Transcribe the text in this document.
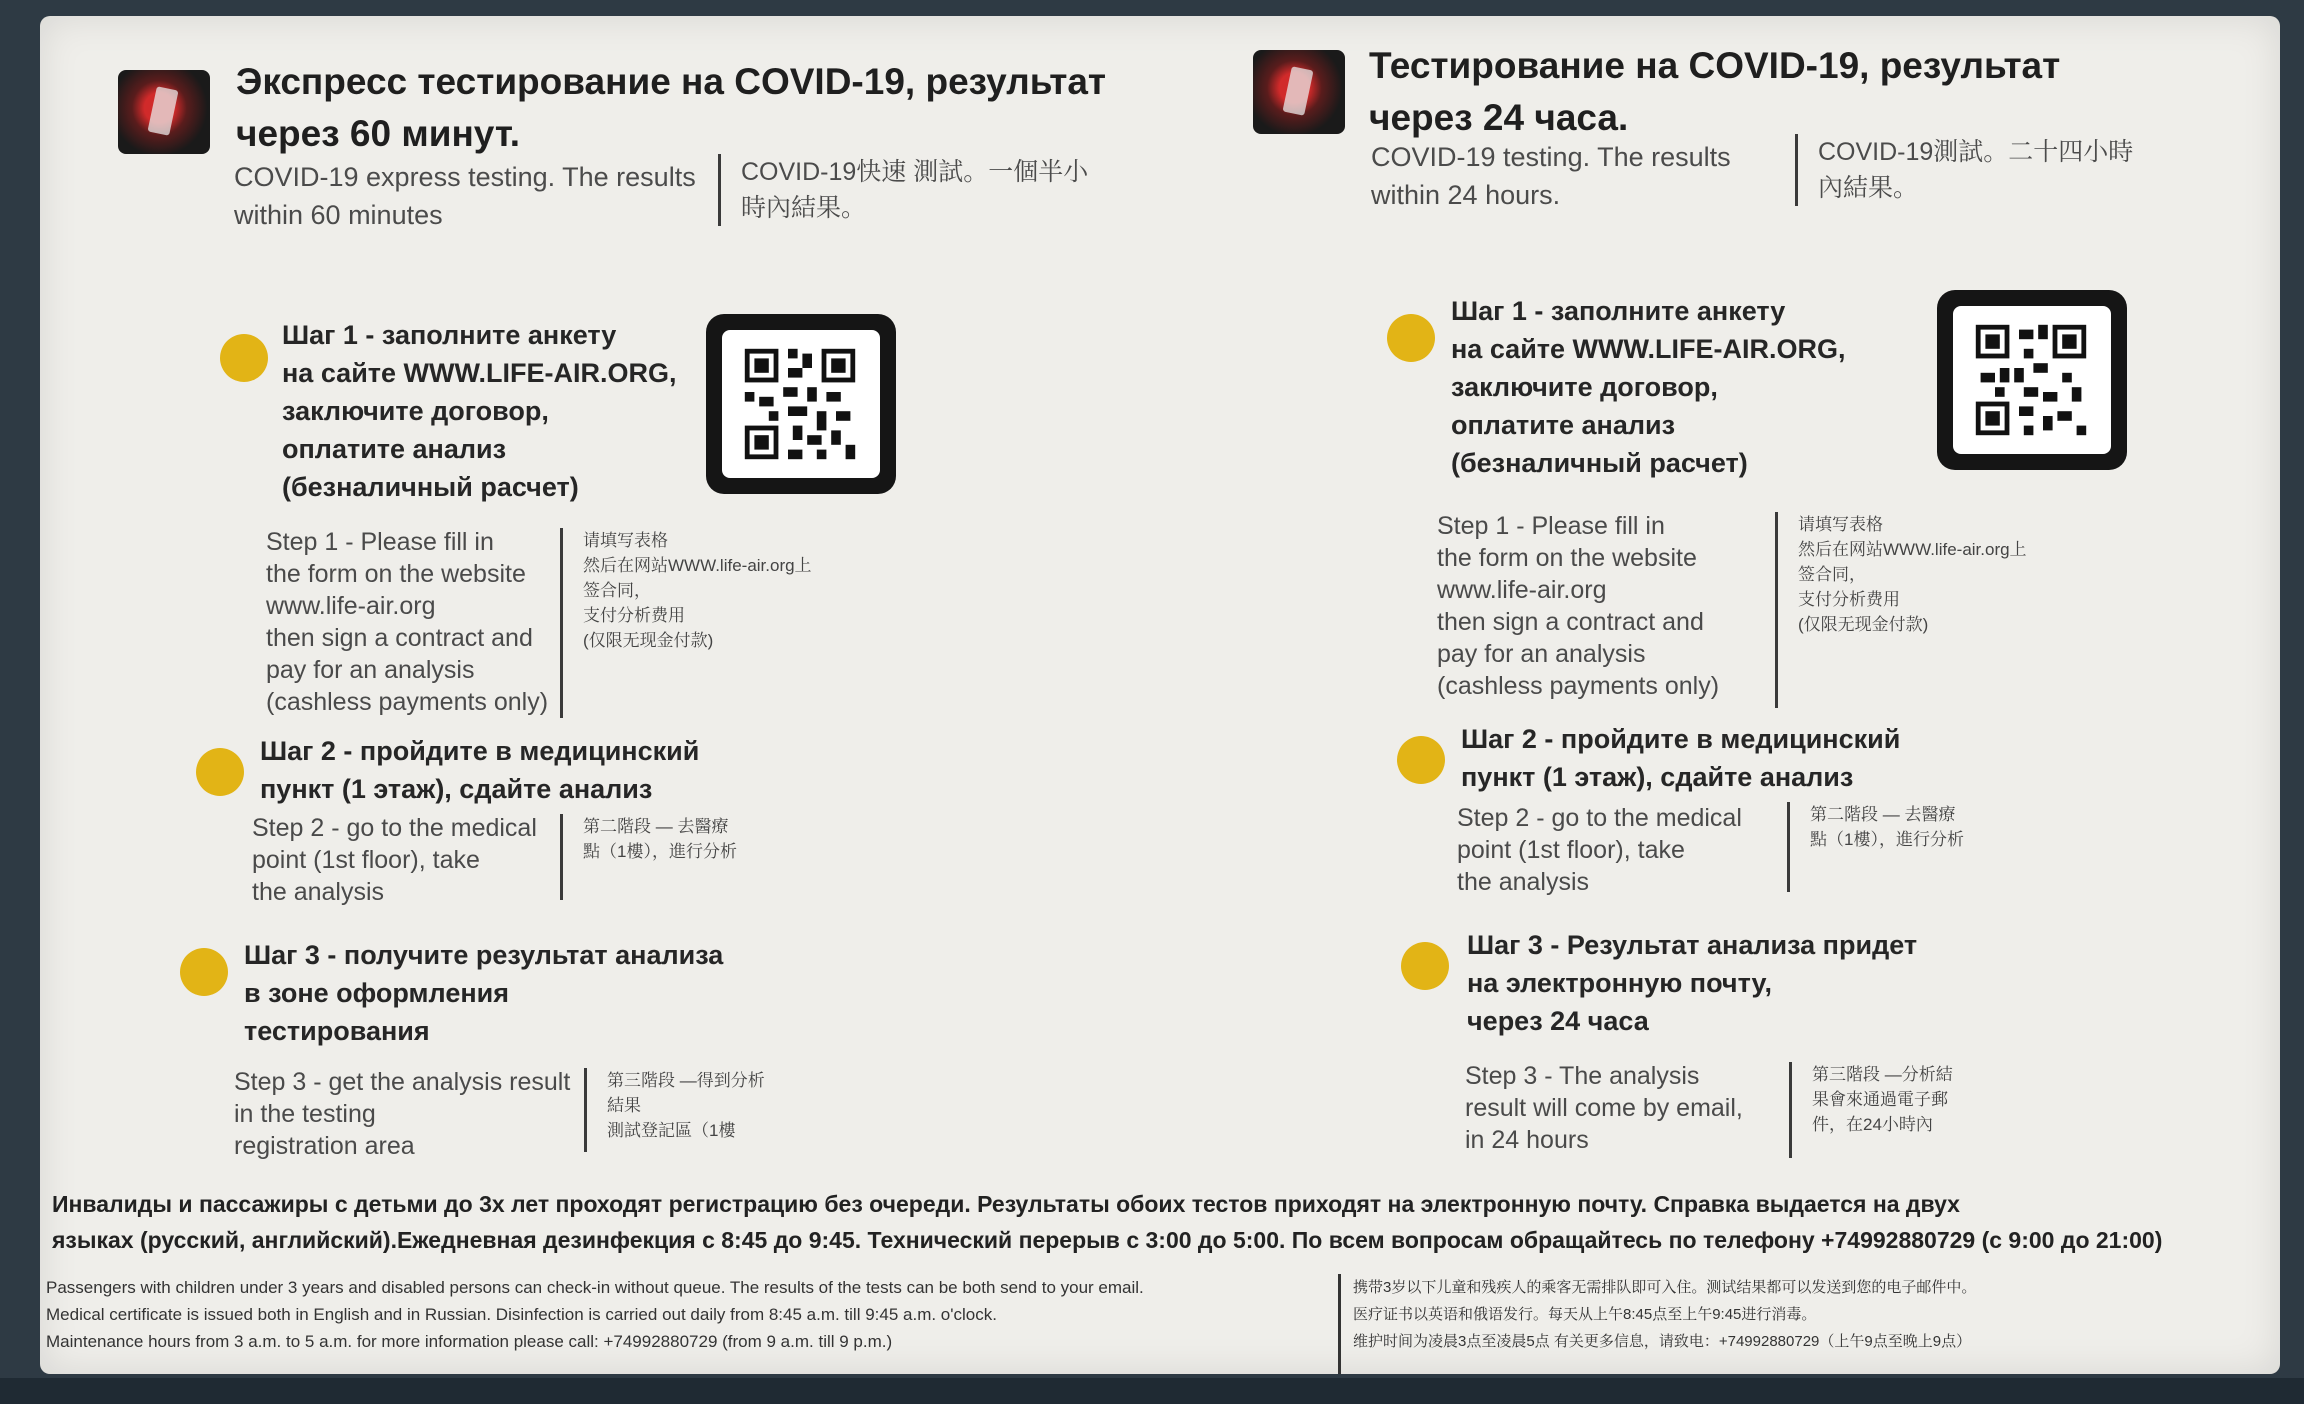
Экспресс тестирование на COVID-19, результат
через 60 минут.
COVID-19 express testing. The results
within 60 minutes
COVID-19快速 測試。一個半小
時內結果。
Шаг 1 - заполните анкету
на сайте WWW.LIFE-AIR.ORG,
заключите договор,
оплатите анализ
(безналичный расчет)
Step 1 - Please fill in
the form on the website
www.life-air.org
then sign a contract and
pay for an analysis
(cashless payments only)
请填写表格
然后在网站WWW.life-air.org上
签合同，
支付分析费用
(仅限无现金付款)
Шаг 2 - пройдите в медицинский
пункт (1 этаж), сдайте анализ
Step 2 - go to the medical
point (1st floor), take
the analysis
第二階段 — 去醫療
點（1樓），進行分析
Шаг 3 - получите результат анализа
в зоне оформления
тестирования
Step 3 - get the analysis result
in the testing
registration area
第三階段 —得到分析
結果
測試登記區（1樓
Тестирование на COVID-19, результат
через 24 часа.
COVID-19 testing. The results
within 24 hours.
COVID-19測試。二十四小時
內結果。
Шаг 1 - заполните анкету
на сайте WWW.LIFE-AIR.ORG,
заключите договор,
оплатите анализ
(безналичный расчет)
Step 1 - Please fill in
the form on the website
www.life-air.org
then sign a contract and
pay for an analysis
(cashless payments only)
请填写表格
然后在网站WWW.life-air.org上
签合同，
支付分析费用
(仅限无现金付款)
Шаг 2 - пройдите в медицинский
пункт (1 этаж), сдайте анализ
Step 2 - go to the medical
point (1st floor), take
the analysis
第二階段 — 去醫療
點（1樓），進行分析
Шаг 3 - Результат анализа придет
на электронную почту,
через 24 часа
Step 3 - The analysis
result will come by email,
in 24 hours
第三階段 —分析結
果會來通過電子郵
件，在24小時內
Инвалиды и пассажиры с детьми до 3х лет проходят регистрацию без очереди. Результаты обоих тестов приходят на электронную почту. Справка выдается на двух
языках (русский, английский).Ежедневная дезинфекция с 8:45 до 9:45. Технический перерыв с 3:00 до 5:00. По всем вопросам обращайтесь по телефону +74992880729 (с 9:00 до 21:00)
Passengers with children under 3 years and disabled persons can check-in without queue. The results of the tests can be both send to your email.
Medical certificate is issued both in English and in Russian. Disinfection is carried out daily from 8:45 a.m. till 9:45 a.m. o'clock.
Maintenance hours from 3 a.m. to 5 a.m. for more information please call: +74992880729 (from 9 a.m. till 9 p.m.)
携带3岁以下儿童和残疾人的乘客无需排队即可入住。测试结果都可以发送到您的电子邮件中。
医疗证书以英语和俄语发行。每天从上午8:45点至上午9:45进行消毒。
维护时间为凌晨3点至凌晨5点 有关更多信息，请致电：+74992880729（上午9点至晚上9点）
